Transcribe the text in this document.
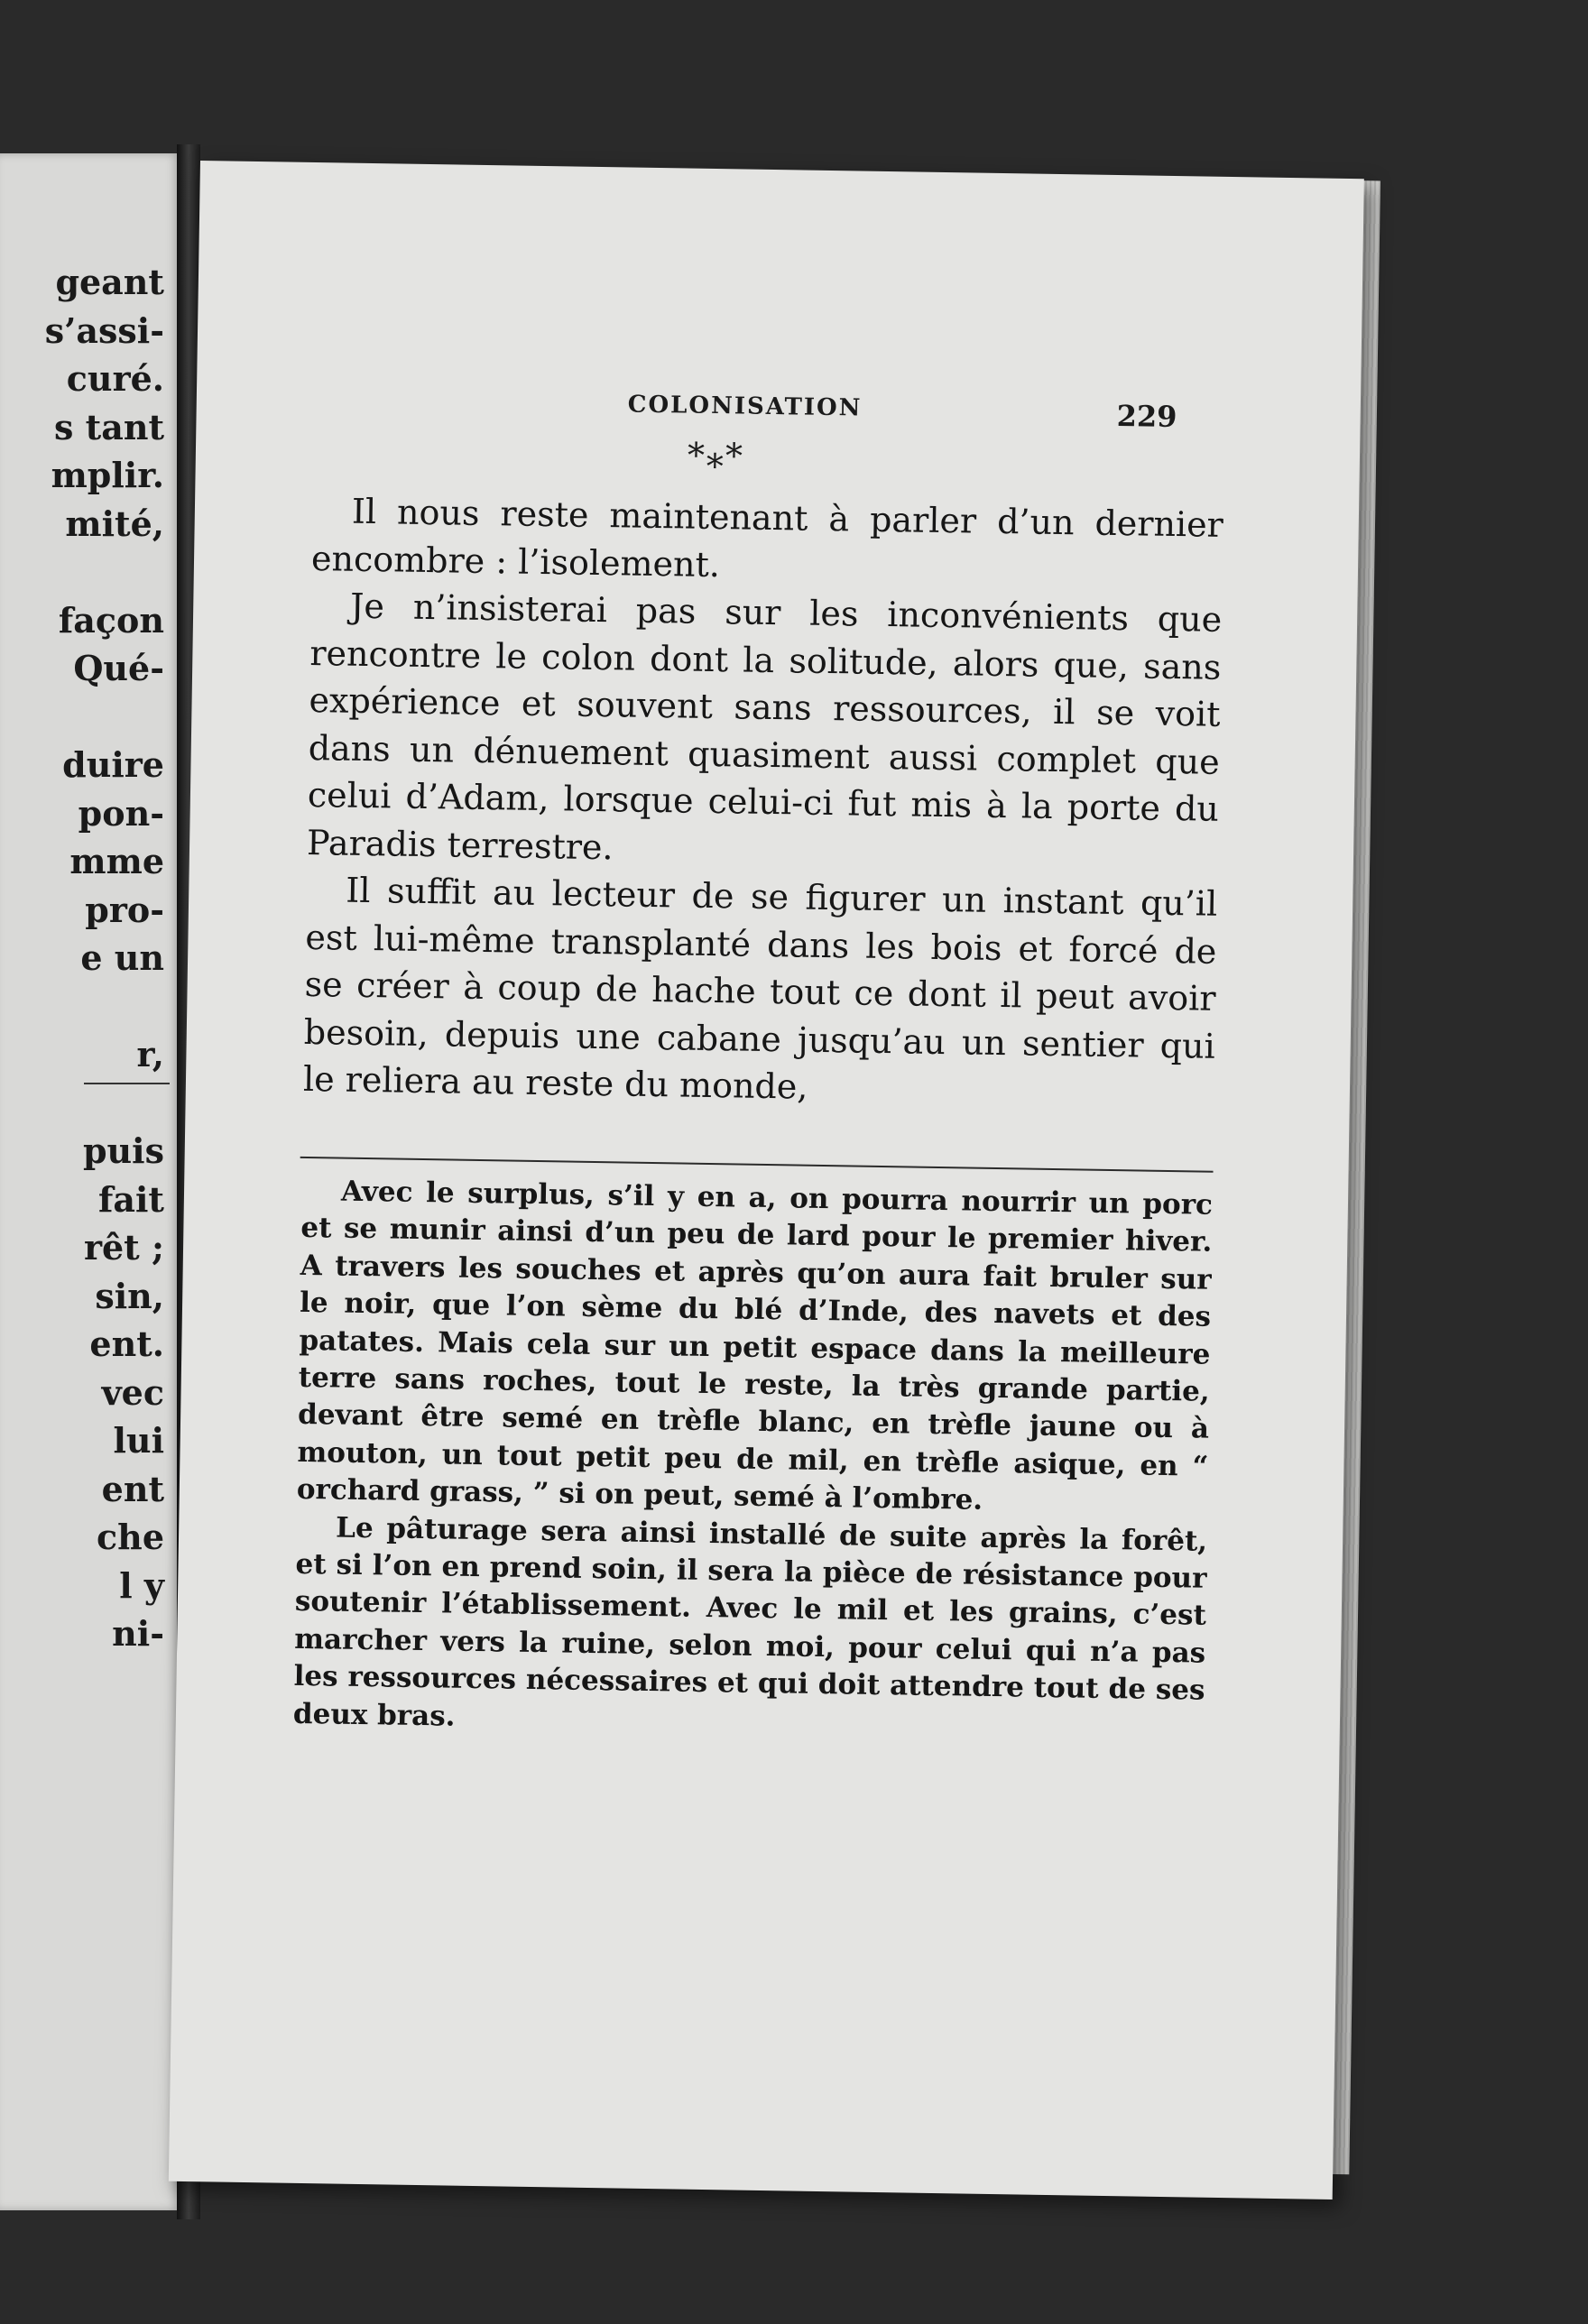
geant
s’assi-
curé.
s tant
mplir.
mité,
façon
Qué-
duire
pon-
mme
pro-
e un
r,
puis
fait
rêt ;
sin,
ent.
vec
lui
ent
che
l y
ni-
COLONISATION	229
*⁎*

Il nous reste maintenant à parler d’un dernier encombre : l’isolement.

Je n’insisterai pas sur les inconvénients que rencontre le colon dont la solitude, alors que, sans expérience et souvent sans ressources, il se voit dans un dénuement quasiment aussi complet que celui d’Adam, lorsque celui-ci fut mis à la porte du Paradis terrestre.

Il suffit au lecteur de se figurer un instant qu’il est lui-même transplanté dans les bois et forcé de se créer à coup de hache tout ce dont il peut avoir besoin, depuis une cabane jusqu’au un sentier qui le reliera au reste du monde,

Avec le surplus, s’il y en a, on pourra nourrir un porc et se munir ainsi d’un peu de lard pour le premier hiver. A travers les souches et après qu’on aura fait bruler sur le noir, que l’on sème du blé d’Inde, des navets et des patates. Mais cela sur un petit espace dans la meilleure terre sans roches, tout le reste, la très grande partie, devant être semé en trèfle blanc, en trèfle jaune ou à mouton, un tout petit peu de mil, en trèfle asique, en “ orchard grass, ” si on peut, semé à l’ombre.

Le pâturage sera ainsi installé de suite après la forêt, et si l’on en prend soin, il sera la pièce de résistance pour soutenir l’établissement. Avec le mil et les grains, c’est marcher vers la ruine, selon moi, pour celui qui n’a pas les ressources nécessaires et qui doit attendre tout de ses deux bras.
